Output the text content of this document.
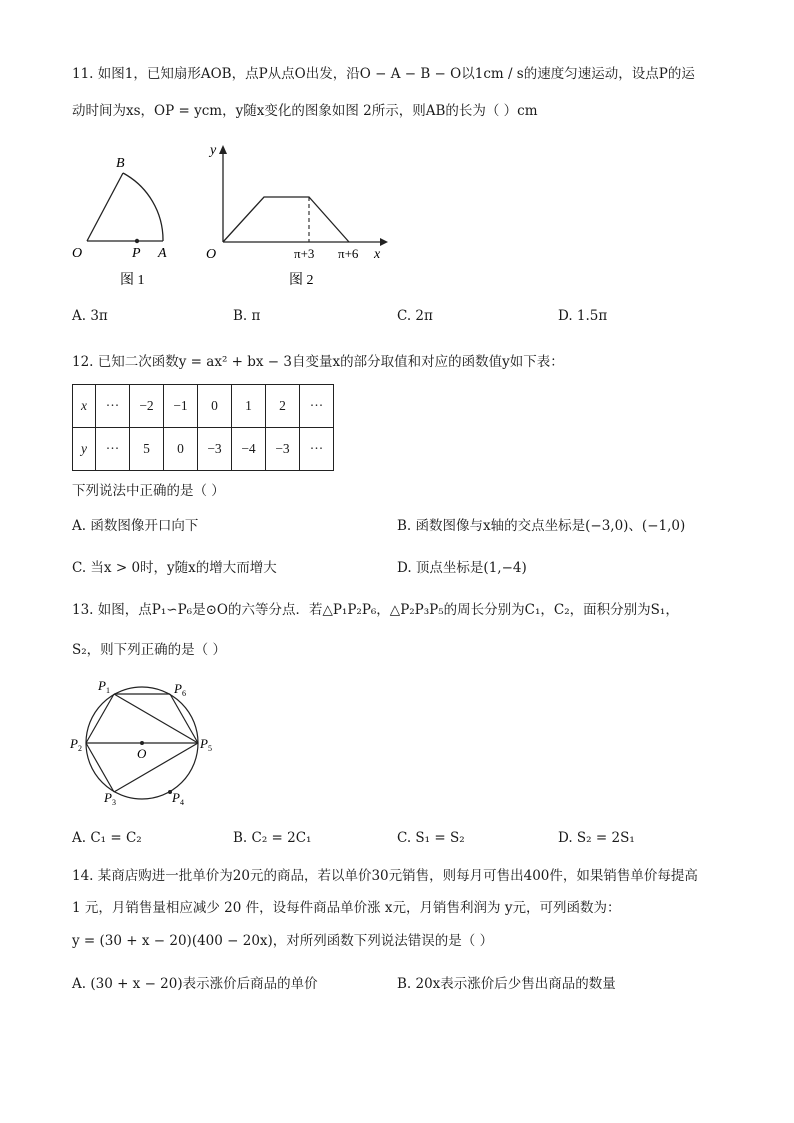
11. 如图1，已知扇形AOB，点P从点O出发，沿O − A − B − O以1cm / s的速度匀速运动，设点P的运
动时间为xs，OP = ycm，y随x变化的图象如图 2所示，则AB的长为（ ）cm
B
O	P A
图 1
y
x
O	π+3 π+6
图 2
A. 3π	B. π	C. 2π	D. 1.5π
12. 已知二次函数y = ax² + bx − 3自变量x的部分取值和对应的函数值y如下表：
x	···	−2	−1	0	1	2	···
y	···	5	0	−3	−4	−3	···
下列说法中正确的是（ ）
A. 函数图像开口向下	B. 函数图像与x轴的交点坐标是(−3,0)、(−1,0)
C. 当x > 0时，y随x的增大而增大	D. 顶点坐标是(1,−4)
13. 如图，点P₁∽P₆是⊙O的六等分点．若△P₁P₂P₆，△P₂P₃P₅的周长分别为C₁，C₂，面积分别为S₁，
S₂，则下列正确的是（ ）
$P_1$	$P_6$
$P_2$	O
$P_5$
$P_3$	$P_4$
A. C₁ = C₂	B. C₂ = 2C₁	C. S₁ = S₂	D. S₂ = 2S₁
14. 某商店购进一批单价为20元的商品，若以单价30元销售，则每月可售出400件，如果销售单价每提高
1 元，月销售量相应减少 20 件，设每件商品单价涨 x元，月销售利润为 y元，可列函数为：
y = (30 + x − 20)(400 − 20x)，对所列函数下列说法错误的是（ ）
A. (30 + x − 20)表示涨价后商品的单价	B. 20x表示涨价后少售出商品的数量
